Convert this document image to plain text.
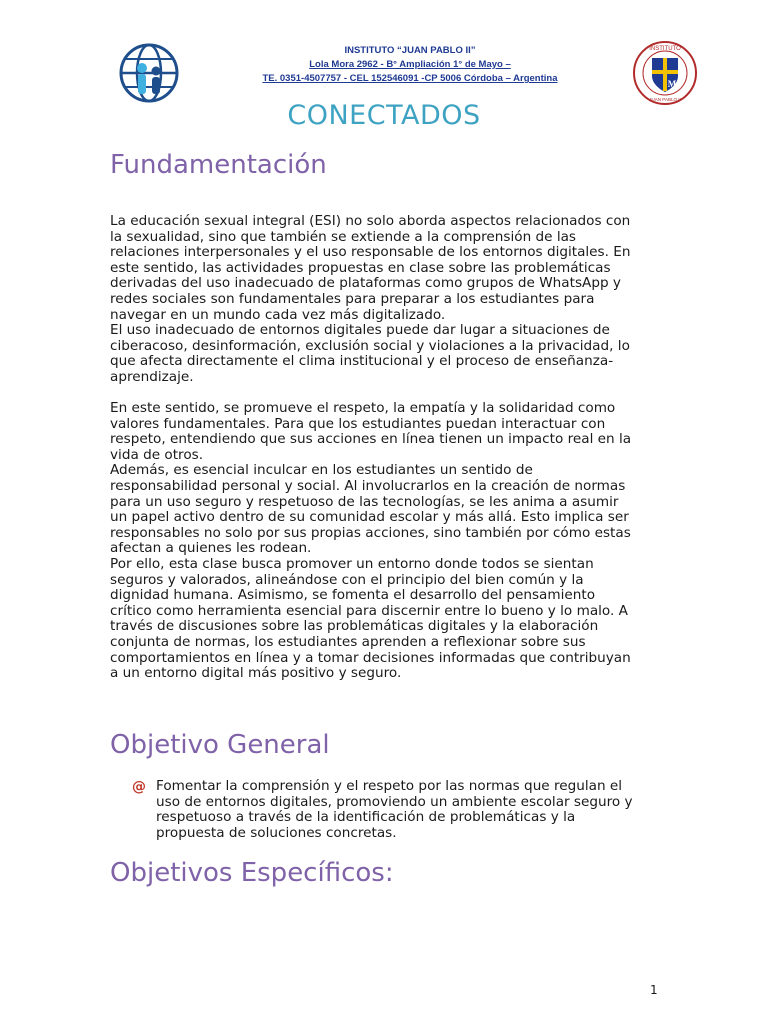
INSTITUTO “JUAN PABLO II”
Lola Mora 2962 - B° Ampliación 1° de Mayo –
TE. 0351-4507757 - CEL 152546091 -CP 5006 Córdoba – Argentina
INSTITUTO
JUAN PABLO II
M
CONECTADOS
Fundamentación

La educación sexual integral (ESI) no solo aborda aspectos relacionados con
la sexualidad, sino que también se extiende a la comprensión de las
relaciones interpersonales y el uso responsable de los entornos digitales. En
este sentido, las actividades propuestas en clase sobre las problemáticas
derivadas del uso inadecuado de plataformas como grupos de WhatsApp y
redes sociales son fundamentales para preparar a los estudiantes para
navegar en un mundo cada vez más digitalizado.
El uso inadecuado de entornos digitales puede dar lugar a situaciones de
ciberacoso, desinformación, exclusión social y violaciones a la privacidad, lo
que afecta directamente el clima institucional y el proceso de enseñanza-
aprendizaje.

En este sentido, se promueve el respeto, la empatía y la solidaridad como
valores fundamentales. Para que los estudiantes puedan interactuar con
respeto, entendiendo que sus acciones en línea tienen un impacto real en la
vida de otros.
Además, es esencial inculcar en los estudiantes un sentido de
responsabilidad personal y social. Al involucrarlos en la creación de normas
para un uso seguro y respetuoso de las tecnologías, se les anima a asumir
un papel activo dentro de su comunidad escolar y más allá. Esto implica ser
responsables no solo por sus propias acciones, sino también por cómo estas
afectan a quienes les rodean.
Por ello, esta clase busca promover un entorno donde todos se sientan
seguros y valorados, alineándose con el principio del bien común y la
dignidad humana. Asimismo, se fomenta el desarrollo del pensamiento
crítico como herramienta esencial para discernir entre lo bueno y lo malo. A
través de discusiones sobre las problemáticas digitales y la elaboración
conjunta de normas, los estudiantes aprenden a reflexionar sobre sus
comportamientos en línea y a tomar decisiones informadas que contribuyan
a un entorno digital más positivo y seguro.

Objetivo General
@ Fomentar la comprensión y el respeto por las normas que regulan el
uso de entornos digitales, promoviendo un ambiente escolar seguro y
respetuoso a través de la identificación de problemáticas y la
propuesta de soluciones concretas.

Objetivos Específicos:
1
